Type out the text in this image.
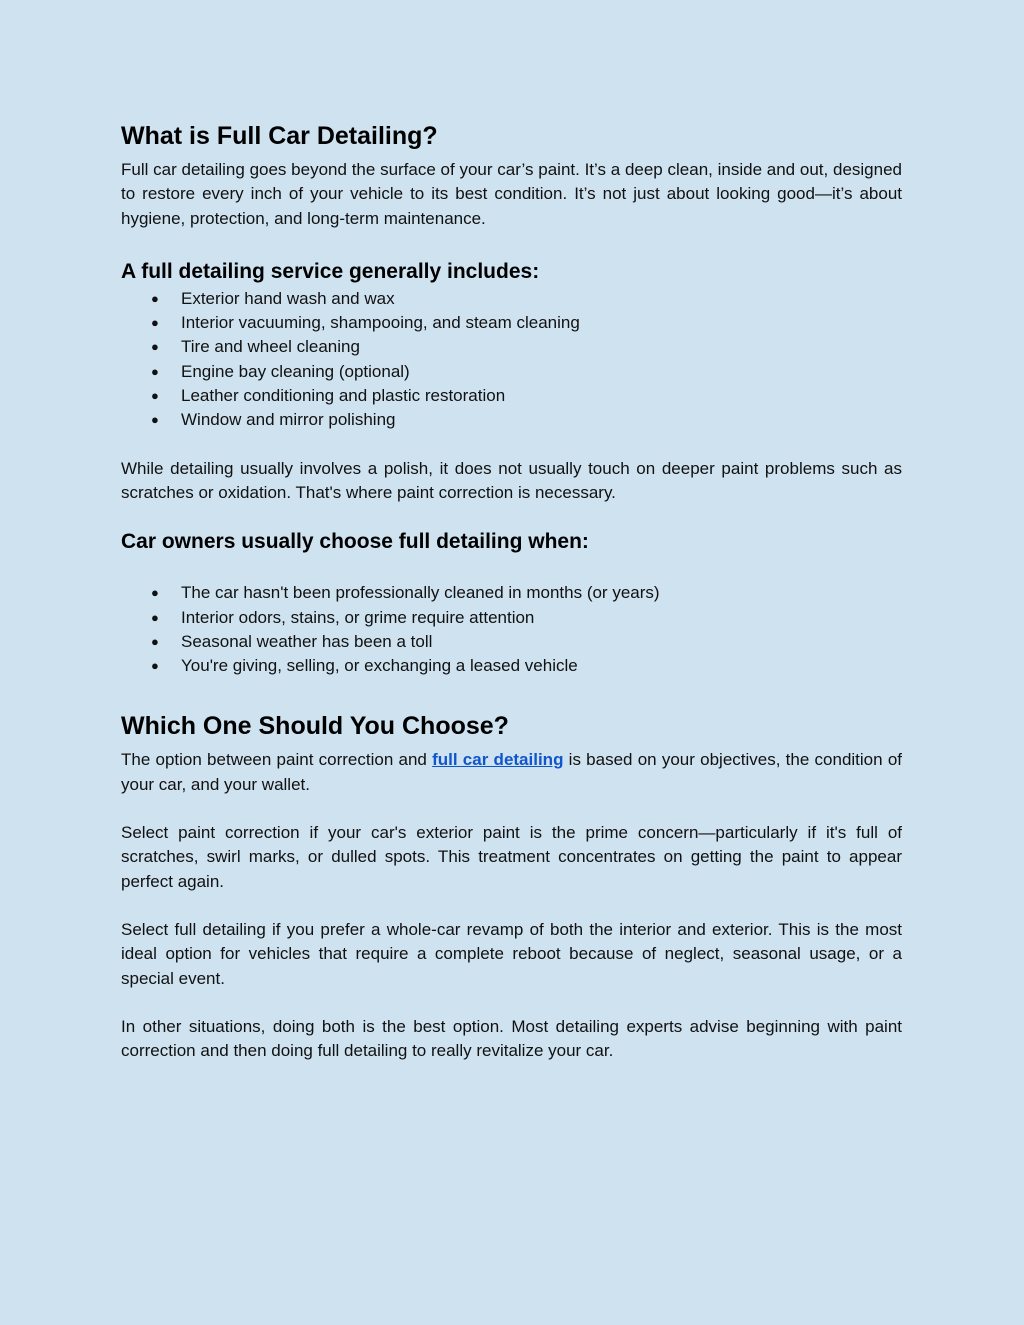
What is Full Car Detailing?

Full car detailing goes beyond the surface of your car’s paint. It’s a deep clean, inside and out, designed to restore every inch of your vehicle to its best condition. It’s not just about looking good—it’s about hygiene, protection, and long-term maintenance.

A full detailing service generally includes:
● Exterior hand wash and wax
● Interior vacuuming, shampooing, and steam cleaning
● Tire and wheel cleaning
● Engine bay cleaning (optional)
● Leather conditioning and plastic restoration
● Window and mirror polishing

While detailing usually involves a polish, it does not usually touch on deeper paint problems such as scratches or oxidation. That's where paint correction is necessary.

Car owners usually choose full detailing when:
● The car hasn't been professionally cleaned in months (or years)
● Interior odors, stains, or grime require attention
● Seasonal weather has been a toll
● You're giving, selling, or exchanging a leased vehicle
Which One Should You Choose?

The option between paint correction and full car detailing is based on your objectives, the condition of your car, and your wallet.

Select paint correction if your car's exterior paint is the prime concern—particularly if it's full of scratches, swirl marks, or dulled spots. This treatment concentrates on getting the paint to appear perfect again.

Select full detailing if you prefer a whole-car revamp of both the interior and exterior. This is the most ideal option for vehicles that require a complete reboot because of neglect, seasonal usage, or a special event.

In other situations, doing both is the best option. Most detailing experts advise beginning with paint correction and then doing full detailing to really revitalize your car.
